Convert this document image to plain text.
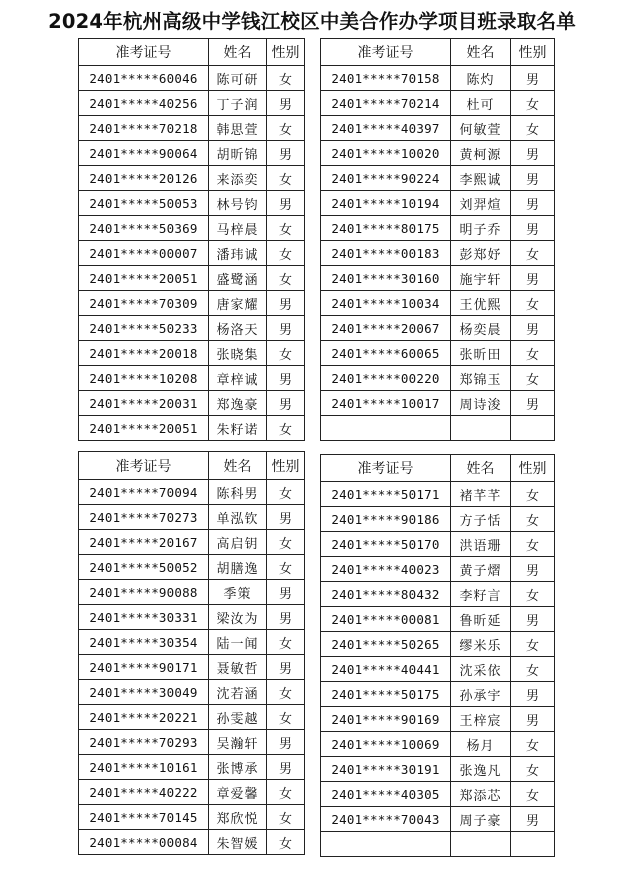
2024年杭州高级中学钱江校区中美合作办学项目班录取名单
准考证号	姓名	性别
2401*****60046	陈可研	女
2401*****40256	丁子润	男
2401*****70218	韩思萱	女
2401*****90064	胡昕锦	男
2401*****20126	来添奕	女
2401*****50053	林号钧	男
2401*****50369	马梓晨	女
2401*****00007	潘玮诚	女
2401*****20051	盛鹭涵	女
2401*****70309	唐家耀	男
2401*****50233	杨洛天	男
2401*****20018	张晓集	女
2401*****10208	章梓诚	男
2401*****20031	郑逸豪	男
2401*****20051	朱籽诺	女
准考证号	姓名	性别
2401*****70158	陈灼	男
2401*****70214	杜可	女
2401*****40397	何敏萱	女
2401*****10020	黄柯源	男
2401*****90224	李熙诚	男
2401*****10194	刘羿煊	男
2401*****80175	明子乔	男
2401*****00183	彭郑妤	女
2401*****30160	施宇轩	男
2401*****10034	王优熙	女
2401*****20067	杨奕晨	男
2401*****60065	张昕田	女
2401*****00220	郑锦玉	女
2401*****10017	周诗浚	男

准考证号	姓名	性别
2401*****70094	陈科男	女
2401*****70273	单泓钦	男
2401*****20167	高启钥	女
2401*****50052	胡膳逸	女
2401*****90088	季策	男
2401*****30331	梁汝为	男
2401*****30354	陆一闻	女
2401*****90171	聂敏哲	男
2401*****30049	沈若涵	女
2401*****20221	孙雯越	女
2401*****70293	吴瀚轩	男
2401*****10161	张博承	男
2401*****40222	章爱馨	女
2401*****70145	郑欣悦	女
2401*****00084	朱智媛	女
准考证号	姓名	性别
2401*****50171	褚芊芊	女
2401*****90186	方子恬	女
2401*****50170	洪语珊	女
2401*****40023	黄子熠	男
2401*****80432	李籽言	女
2401*****00081	鲁昕延	男
2401*****50265	缪米乐	女
2401*****40441	沈采依	女
2401*****50175	孙承宇	男
2401*****90169	王梓宸	男
2401*****10069	杨月	女
2401*****30191	张逸凡	女
2401*****40305	郑添芯	女
2401*****70043	周子豪	男
